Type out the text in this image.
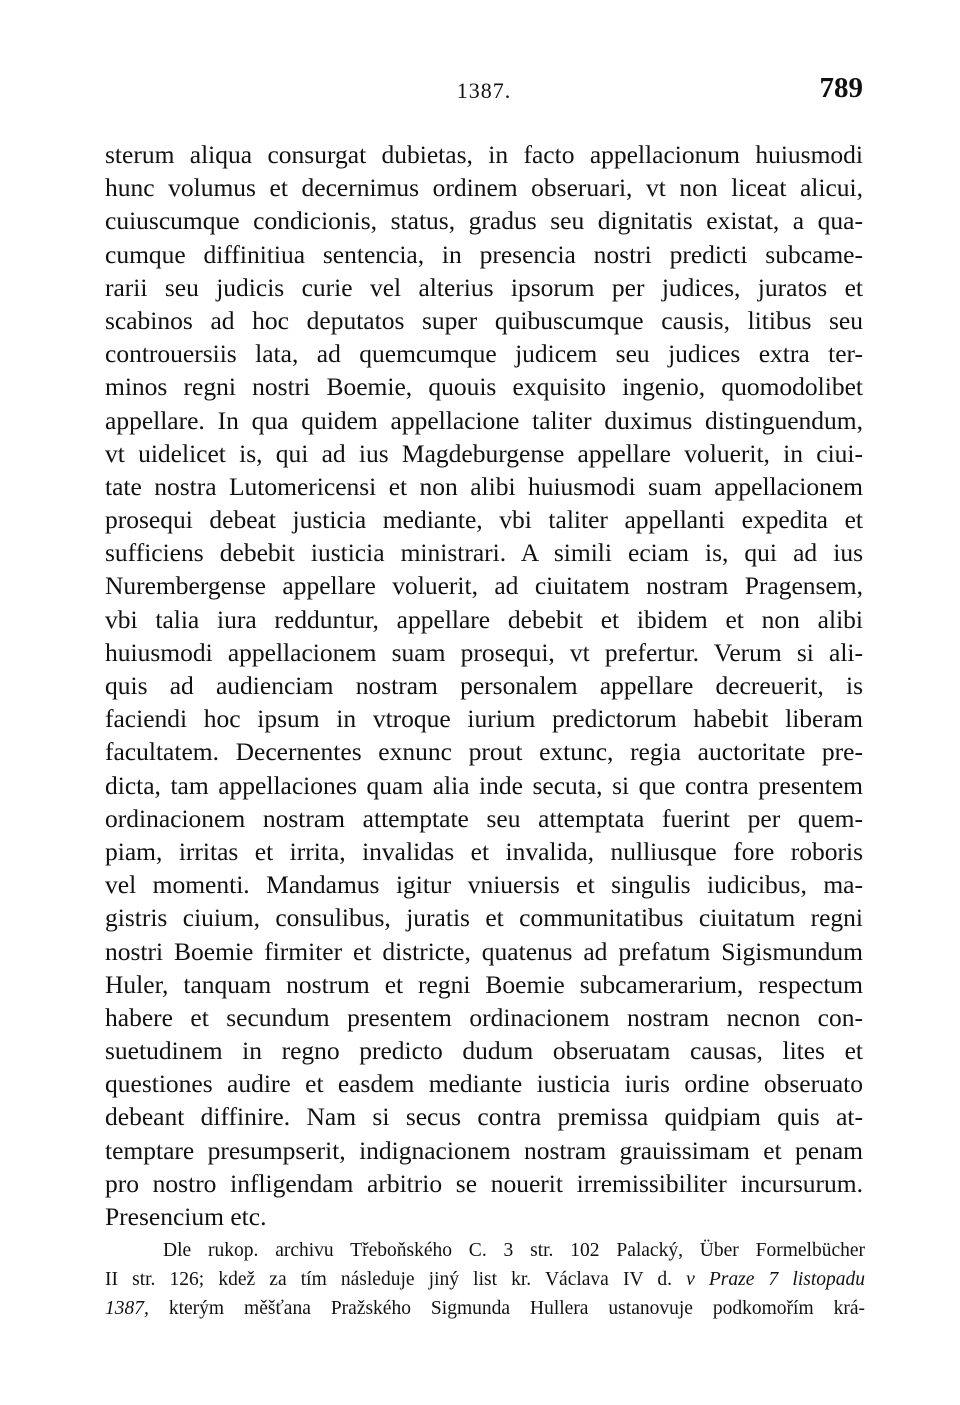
1387.	789
sterum aliqua consurgat dubietas, in facto appellacionum huiusmodi
hunc volumus et decernimus ordinem obseruari, vt non liceat alicui,
cuiuscumque condicionis, status, gradus seu dignitatis existat, a qua-
cumque diffinitiua sentencia, in presencia nostri predicti subcame-
rarii seu judicis curie vel alterius ipsorum per judices, juratos et
scabinos ad hoc deputatos super quibuscumque causis, litibus seu
controuersiis lata, ad quemcumque judicem seu judices extra ter-
minos regni nostri Boemie, quouis exquisito ingenio, quomodolibet
appellare. In qua quidem appellacione taliter duximus distinguendum,
vt uidelicet is, qui ad ius Magdeburgense appellare voluerit, in ciui-
tate nostra Lutomericensi et non alibi huiusmodi suam appellacionem
prosequi debeat justicia mediante, vbi taliter appellanti expedita et
sufficiens debebit iusticia ministrari. A simili eciam is, qui ad ius
Nurembergense appellare voluerit, ad ciuitatem nostram Pragensem,
vbi talia iura redduntur, appellare debebit et ibidem et non alibi
huiusmodi appellacionem suam prosequi, vt prefertur. Verum si ali-
quis ad audienciam nostram personalem appellare decreuerit, is
faciendi hoc ipsum in vtroque iurium predictorum habebit liberam
facultatem. Decernentes exnunc prout extunc, regia auctoritate pre-
dicta, tam appellaciones quam alia inde secuta, si que contra presentem
ordinacionem nostram attemptate seu attemptata fuerint per quem-
piam, irritas et irrita, invalidas et invalida, nulliusque fore roboris
vel momenti. Mandamus igitur vniuersis et singulis iudicibus, ma-
gistris ciuium, consulibus, juratis et communitatibus ciuitatum regni
nostri Boemie firmiter et districte, quatenus ad prefatum Sigismundum
Huler, tanquam nostrum et regni Boemie subcamerarium, respectum
habere et secundum presentem ordinacionem nostram necnon con-
suetudinem in regno predicto dudum obseruatam causas, lites et
questiones audire et easdem mediante iusticia iuris ordine obseruato
debeant diffinire. Nam si secus contra premissa quidpiam quis at-
temptare presumpserit, indignacionem nostram grauissimam et penam
pro nostro infligendam arbitrio se nouerit irremissibiliter incursurum.
Presencium etc.
Dle rukop. archivu Třeboňského C. 3 str. 102 Palacký, Über Formelbücher
II str. 126; kdež za tím následuje jiný list kr. Václava IV d. v Praze 7 listopadu
1387, kterým měšťana Pražského Sigmunda Hullera ustanovuje podkomořím krá-
